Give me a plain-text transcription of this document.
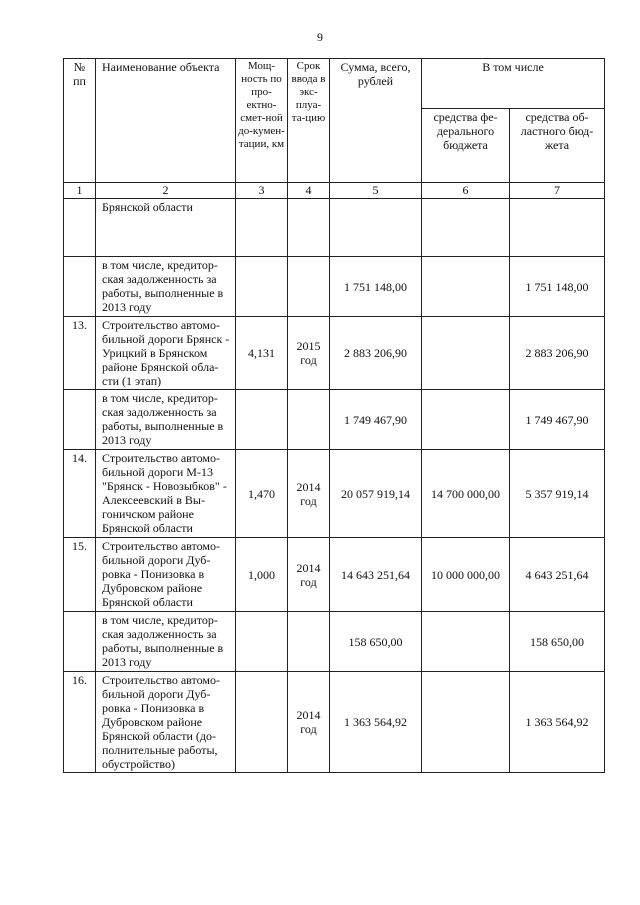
9
№ пп	Наименование объекта	Мощ-ность по про-ектно-смет-ной до-кумен-тации, км	Срок ввода в экс-плуа-та-цию	Сумма, всего, рублей	В том числе	
					средства фе-дерального бюджета	средства об-ластного бюд-жета
1	2	3	4	5	6	7
	Брянской области					
	в том числе, кредитор-ская задолженность за работы, выполненные в 2013 году			1 751 148,00		1 751 148,00
13.	Строительство автомо-бильной дороги Брянск - Урицкий в Брянском районе Брянской обла-сти (1 этап)	4,131	2015 год	2 883 206,90		2 883 206,90
	в том числе, кредитор-ская задолженность за работы, выполненные в 2013 году			1 749 467,90		1 749 467,90
14.	Строительство автомо-бильной дороги М-13 "Брянск - Новозыбков" - Алексеевский в Вы-гоничском районе Брянской области	1,470	2014 год	20 057 919,14	14 700 000,00	5 357 919,14
15.	Строительство автомо-бильной дороги Дуб-ровка - Понизовка в Дубровском районе Брянской области	1,000	2014 год	14 643 251,64	10 000 000,00	4 643 251,64
	в том числе, кредитор-ская задолженность за работы, выполненные в 2013 году			158 650,00		158 650,00
16.	Строительство автомо-бильной дороги Дуб-ровка - Понизовка в Дубровском районе Брянской области (до-полнительные работы, обустройство)		2014 год	1 363 564,92		1 363 564,92
